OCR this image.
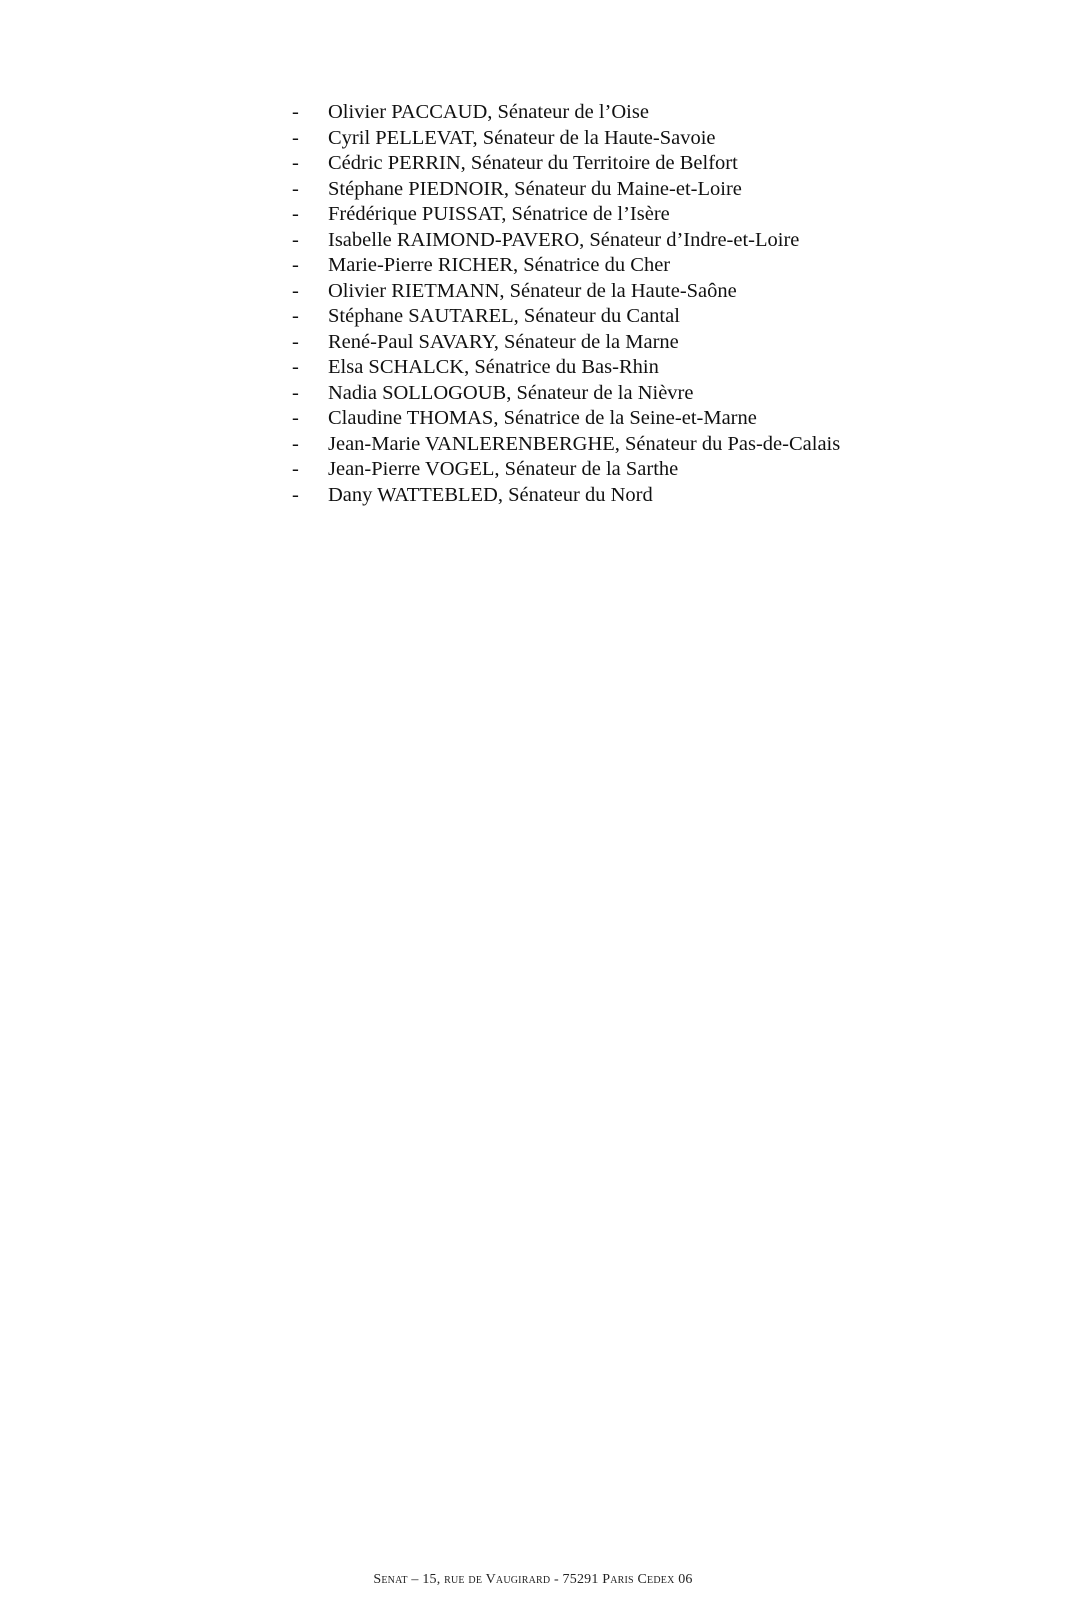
-	Olivier PACCAUD, Sénateur de l’Oise
-	Cyril PELLEVAT, Sénateur de la Haute-Savoie
-	Cédric PERRIN, Sénateur du Territoire de Belfort
-	Stéphane PIEDNOIR, Sénateur du Maine-et-Loire
-	Frédérique PUISSAT, Sénatrice de l’Isère
-	Isabelle RAIMOND-PAVERO, Sénateur d’Indre-et-Loire
-	Marie-Pierre RICHER, Sénatrice du Cher
-	Olivier RIETMANN, Sénateur de la Haute-Saône
-	Stéphane SAUTAREL, Sénateur du Cantal
-	René-Paul SAVARY, Sénateur de la Marne
-	Elsa SCHALCK, Sénatrice du Bas-Rhin
-	Nadia SOLLOGOUB, Sénateur de la Nièvre
-	Claudine THOMAS, Sénatrice de la Seine-et-Marne
-	Jean-Marie VANLERENBERGHE, Sénateur du Pas-de-Calais
-	Jean-Pierre VOGEL, Sénateur de la Sarthe
-	Dany WATTEBLED, Sénateur du Nord
Senat – 15, rue de Vaugirard - 75291 Paris Cedex 06
